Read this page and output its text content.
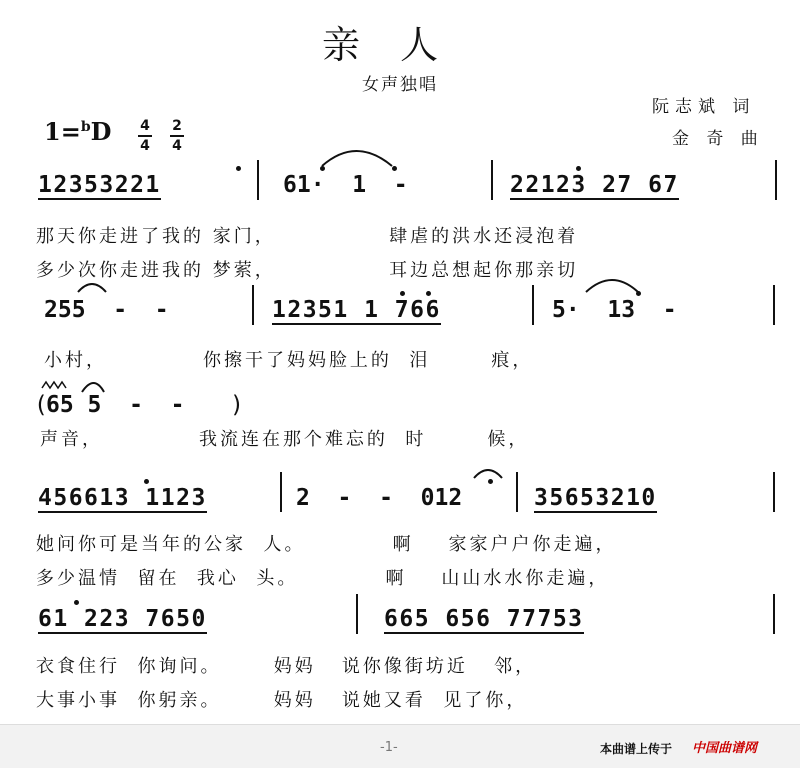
亲人
女声独唱
阮志斌 词
金 奇 曲
1=$^b$D 4
4
2
4
12353221	61·  1  -	22123 27 67
那天你走进了我的 家门，             肆虐的洪水还浸泡着
多少次你走进我的 梦萦，             耳边总想起你那亲切
255  -  -	12351 1 766	5·  13  -
小村，           你擦干了妈妈脸上的  泪       痕，
(
65 5  -  - )
声音，           我流连在那个难忘的  时       候，
456613 1123	2  -  -  012	35653210
她问你可是当年的公家  人。          啊    家家户户你走遍，
多少温情  留在  我心  头。          啊    山山水水你走遍，
61 223 7650	665 656 77753
衣食住行  你询问。      妈妈   说你像街坊近   邻，
大事小事  你躬亲。      妈妈   说她又看  见了你，
-1-	本曲谱上传于 中国曲谱网
